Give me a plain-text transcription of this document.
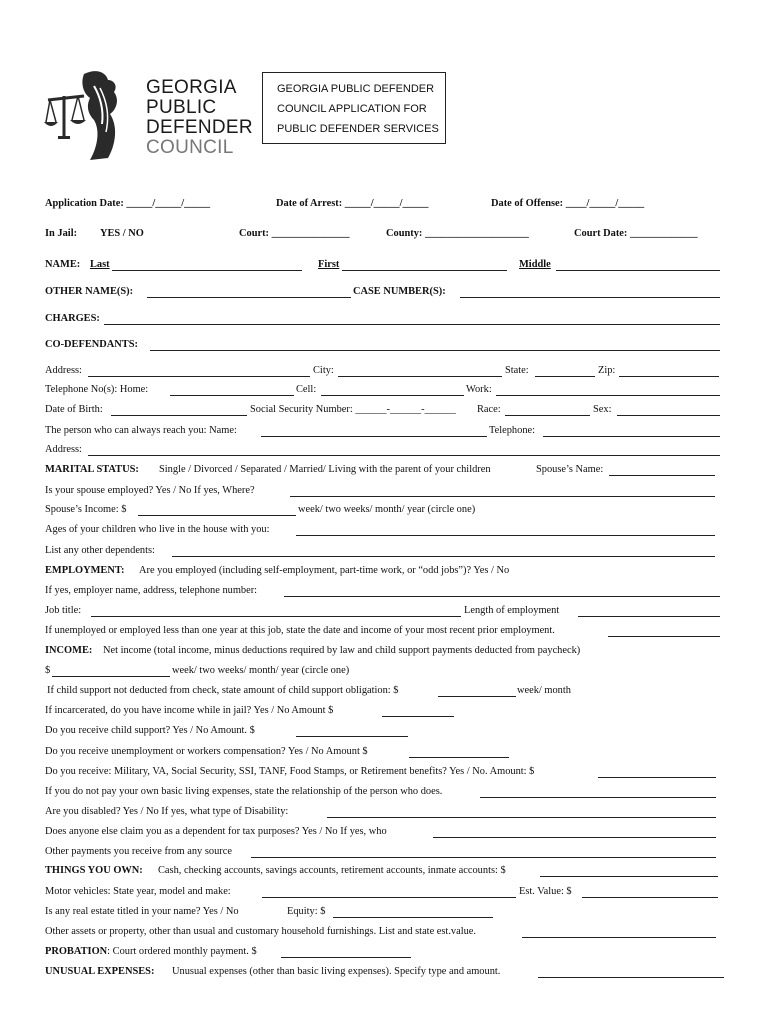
GEORGIA
PUBLIC
DEFENDER
COUNCIL
GEORGIA PUBLIC DEFENDER
COUNCIL APPLICATION FOR
PUBLIC DEFENDER SERVICES
Application Date: _____/_____/_____	Date of Arrest: _____/_____/_____	Date of Offense: ____/_____/_____
In Jail: YES / NO	Court: _______________	County: ____________________	Court Date: _____________
NAME: Last	First	Middle
OTHER NAME(S):	CASE NUMBER(S):
CHARGES:
CO-DEFENDANTS:
Address:	City:	State:	Zip:
Telephone No(s): Home:	Cell:	Work:
Date of Birth:	Social Security Number: ______-______-______ Race:	Sex:
The person who can always reach you: Name:	Telephone:
Address:
MARITAL STATUS: Single / Divorced / Separated / Married/ Living with the parent of your children	Spouse’s Name:
Is your spouse employed? Yes / No If yes, Where?
Spouse’s Income: $	week/ two weeks/ month/ year (circle one)
Ages of your children who live in the house with you:
List any other dependents:
EMPLOYMENT: Are you employed (including self-employment, part-time work, or “odd jobs”)? Yes / No
If yes, employer name, address, telephone number:
Job title:	Length of employment
If unemployed or employed less than one year at this job, state the date and income of your most recent prior employment.
INCOME: Net income (total income, minus deductions required by law and child support payments deducted from paycheck)
$	week/ two weeks/ month/ year (circle one)
If child support not deducted from check, state amount of child support obligation: $	week/ month
If incarcerated, do you have income while in jail? Yes / No Amount $
Do you receive child support? Yes / No Amount. $
Do you receive unemployment or workers compensation? Yes / No Amount $
Do you receive: Military, VA, Social Security, SSI, TANF, Food Stamps, or Retirement benefits? Yes / No. Amount: $
If you do not pay your own basic living expenses, state the relationship of the person who does.
Are you disabled? Yes / No If yes, what type of Disability:
Does anyone else claim you as a dependent for tax purposes? Yes / No If yes, who
Other payments you receive from any source
THINGS YOU OWN: Cash, checking accounts, savings accounts, retirement accounts, inmate accounts: $
Motor vehicles: State year, model and make:	Est. Value: $
Is any real estate titled in your name? Yes / No	Equity: $
Other assets or property, other than usual and customary household furnishings. List and state est.value.
PROBATION: Court ordered monthly payment. $
UNUSUAL EXPENSES: Unusual expenses (other than basic living expenses). Specify type and amount.
